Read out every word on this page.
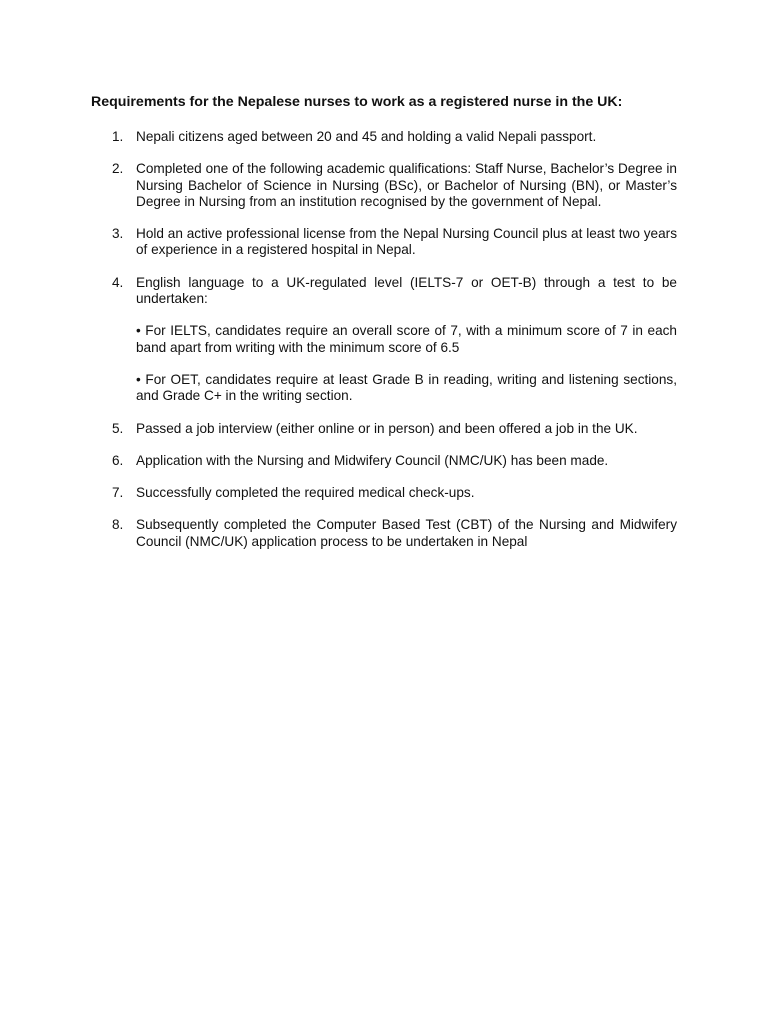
Requirements for the Nepalese nurses to work as a registered nurse in the UK:
1. Nepali citizens aged between 20 and 45 and holding a valid Nepali passport.
2. Completed one of the following academic qualifications: Staff Nurse, Bachelor’s Degree in Nursing Bachelor of Science in Nursing (BSc), or Bachelor of Nursing (BN), or Master’s Degree in Nursing from an institution recognised by the government of Nepal.
3. Hold an active professional license from the Nepal Nursing Council plus at least two years of experience in a registered hospital in Nepal.
4. English language to a UK-regulated level (IELTS-7 or OET-B) through a test to be undertaken:
• For IELTS, candidates require an overall score of 7, with a minimum score of 7 in each band apart from writing with the minimum score of 6.5
• For OET, candidates require at least Grade B in reading, writing and listening sections, and Grade C+ in the writing section.
5. Passed a job interview (either online or in person) and been offered a job in the UK.
6. Application with the Nursing and Midwifery Council (NMC/UK) has been made.
7. Successfully completed the required medical check-ups.
8. Subsequently completed the Computer Based Test (CBT) of the Nursing and Midwifery Council (NMC/UK) application process to be undertaken in Nepal
